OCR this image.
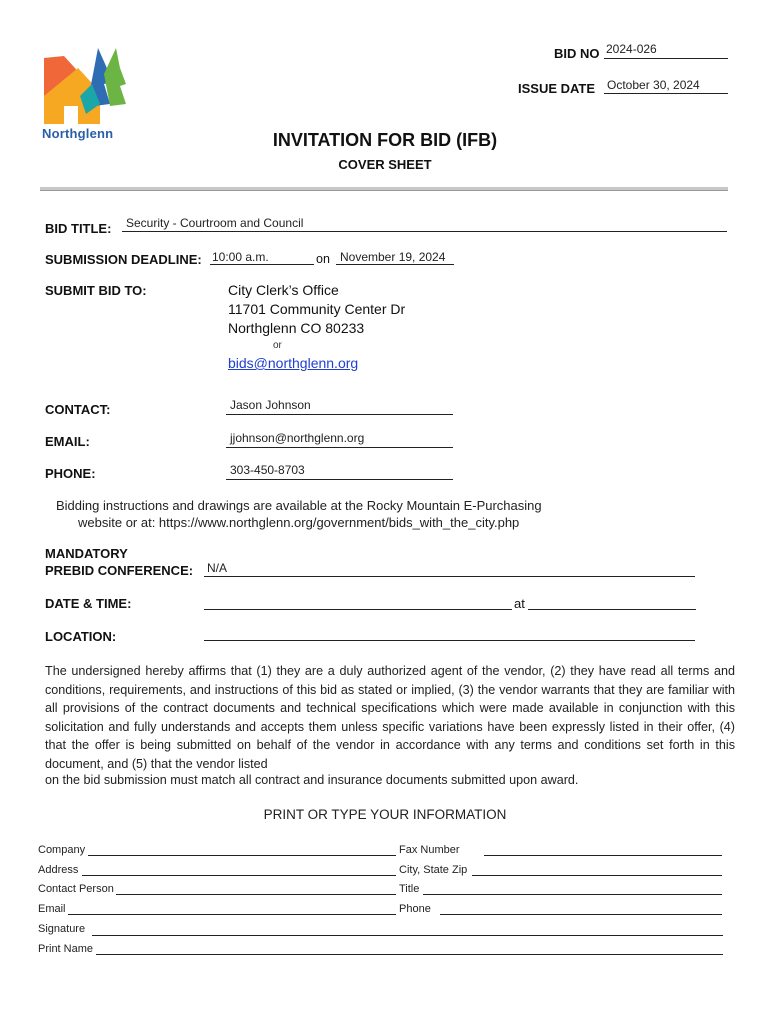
BID NO 2024-026
ISSUE DATE October 30, 2024
Northglenn	INVITATION FOR BID (IFB)
COVER SHEET
BID TITLE: Security - Courtroom and Council
SUBMISSION DEADLINE: 10:00 a.m.	on November 19, 2024
SUBMIT BID TO:	City Clerk’s Office
11701 Community Center Dr
Northglenn CO 80233
or
bids@northglenn.org
CONTACT:	Jason Johnson
EMAIL:	jjohnson@northglenn.org
PHONE:	303-450-8703
Bidding instructions and drawings are available at the Rocky Mountain E-Purchasing
website or at: https://www.northglenn.org/government/bids_with_the_city.php
MANDATORY
PREBID CONFERENCE: N/A
DATE & TIME:	at
LOCATION:
The undersigned hereby affirms that (1) they are a duly authorized agent of the vendor, (2) they have read all terms and conditions, requirements, and instructions of this bid as stated or implied, (3) the vendor warrants that they are familiar with all provisions of the contract documents and technical specifications which were made available in conjunction with this solicitation and fully understands and accepts them unless specific variations have been expressly listed in their offer, (4) that the offer is being submitted on behalf of the vendor in accordance with any terms and conditions set forth in this document, and (5) that the vendor listed
on the bid submission must match all contract and insurance documents submitted upon award.
PRINT OR TYPE YOUR INFORMATION
Company	Fax Number
Address	City, State Zip
Contact Person	Title
Email	Phone
Signature
Print Name
